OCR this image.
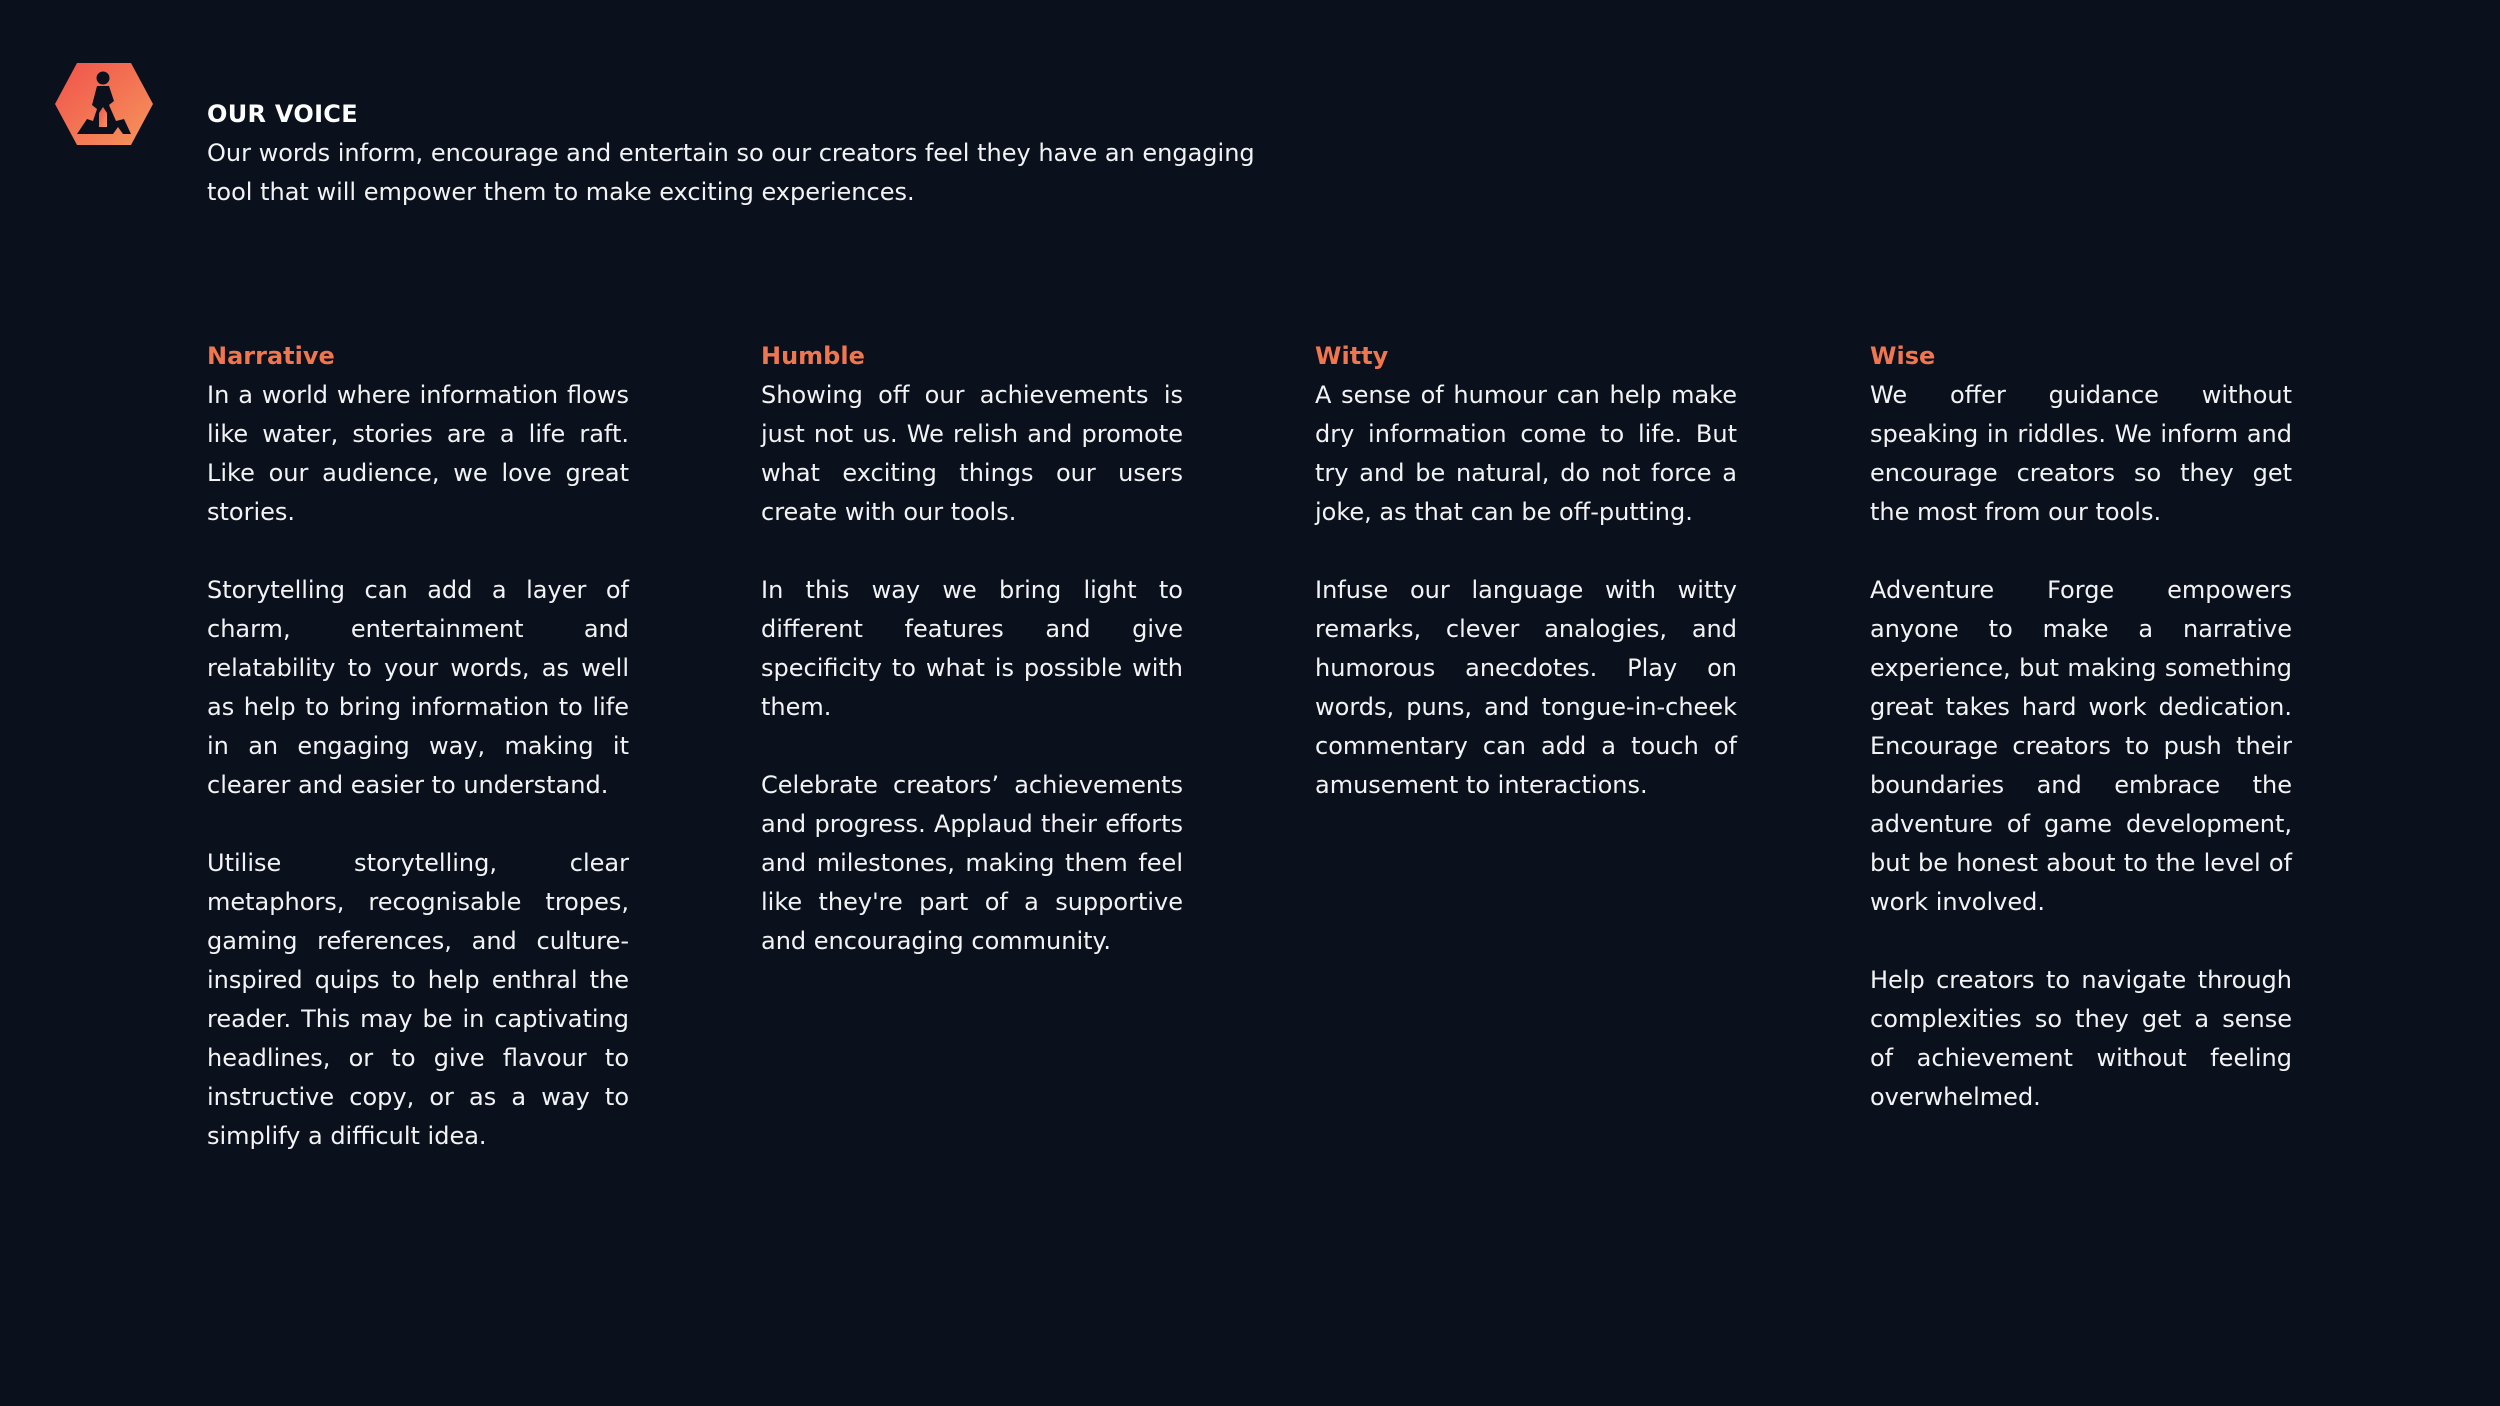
OUR VOICE

Our words inform, encourage and entertain so our creators feel they have an engaging tool that will empower them to make exciting experiences.

Narrative

In a world where information flows like water, stories are a life raft. Like our audience, we love great stories.

Storytelling can add a layer of charm, entertainment and relatability to your words, as well as help to bring information to life in an engaging way, making it clearer and easier to understand.

Utilise storytelling, clear metaphors, recognisable tropes, gaming references, and culture-inspired quips to help enthral the reader. This may be in captivating headlines, or to give flavour to instructive copy, or as a way to simplify a difficult idea.

Humble

Showing off our achievements is just not us. We relish and promote what exciting things our users create with our tools.

In this way we bring light to different features and give specificity to what is possible with them.

Celebrate creators’ achievements and progress. Applaud their efforts and milestones, making them feel like they're part of a supportive and encouraging community.

Witty

A sense of humour can help make dry information come to life. But try and be natural, do not force a joke, as that can be off-putting.

Infuse our language with witty remarks, clever analogies, and humorous anecdotes. Play on words, puns, and tongue-in-cheek commentary can add a touch of amusement to interactions.

Wise

We offer guidance without speaking in riddles. We inform and encourage creators so they get the most from our tools.

Adventure Forge empowers anyone to make a narrative experience, but making something great takes hard work dedication. Encourage creators to push their boundaries and embrace the adventure of game development, but be honest about to the level of work involved.

Help creators to navigate through complexities so they get a sense of achievement without feeling overwhelmed.
